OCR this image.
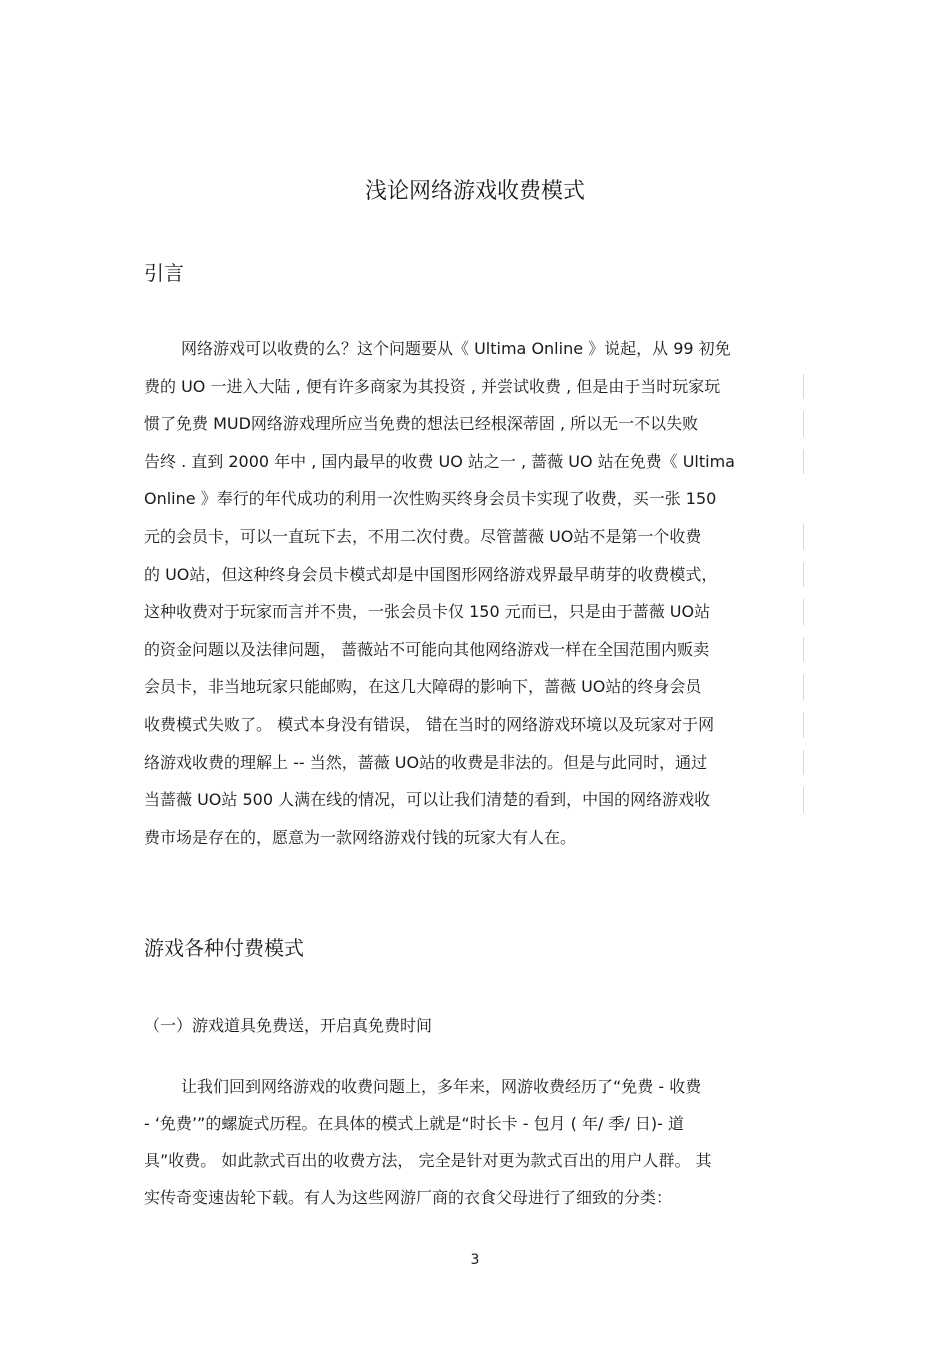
浅论网络游戏收费模式
引言
网络游戏可以收费的么？这个问题要从《 Ultima Online 》说起，从 99 初免
费的 UO 一进入大陆 , 便有许多商家为其投资 , 并尝试收费 , 但是由于当时玩家玩
惯了免费 MUD网络游戏理所应当免费的想法已经根深蒂固 , 所以无一不以失败
告终 . 直到 2000 年中 , 国内最早的收费 UO 站之一 , 蔷薇 UO 站在免费《 Ultima
Online 》奉行的年代成功的利用一次性购买终身会员卡实现了收费，买一张 150
元的会员卡，可以一直玩下去，不用二次付费。尽管蔷薇 UO站不是第一个收费
的 UO站，但这种终身会员卡模式却是中国图形网络游戏界最早萌芽的收费模式，
这种收费对于玩家而言并不贵，一张会员卡仅 150 元而已，只是由于蔷薇 UO站
的资金问题以及法律问题， 蔷薇站不可能向其他网络游戏一样在全国范围内贩卖
会员卡，非当地玩家只能邮购，在这几大障碍的影响下，蔷薇 UO站的终身会员
收费模式失败了。 模式本身没有错误， 错在当时的网络游戏环境以及玩家对于网
络游戏收费的理解上 -- 当然，蔷薇 UO站的收费是非法的。但是与此同时，通过
当蔷薇 UO站 500 人满在线的情况，可以让我们清楚的看到，中国的网络游戏收
费市场是存在的，愿意为一款网络游戏付钱的玩家大有人在。
游戏各种付费模式
（一）游戏道具免费送，开启真免费时间
让我们回到网络游戏的收费问题上，多年来，网游收费经历了“免费 - 收费
- ‘免费’”的螺旋式历程。在具体的模式上就是“时长卡 - 包月 ( 年/ 季/ 日)- 道
具”收费。 如此款式百出的收费方法， 完全是针对更为款式百出的用户人群。 其
实传奇变速齿轮下载。有人为这些网游厂商的衣食父母进行了细致的分类：
3
